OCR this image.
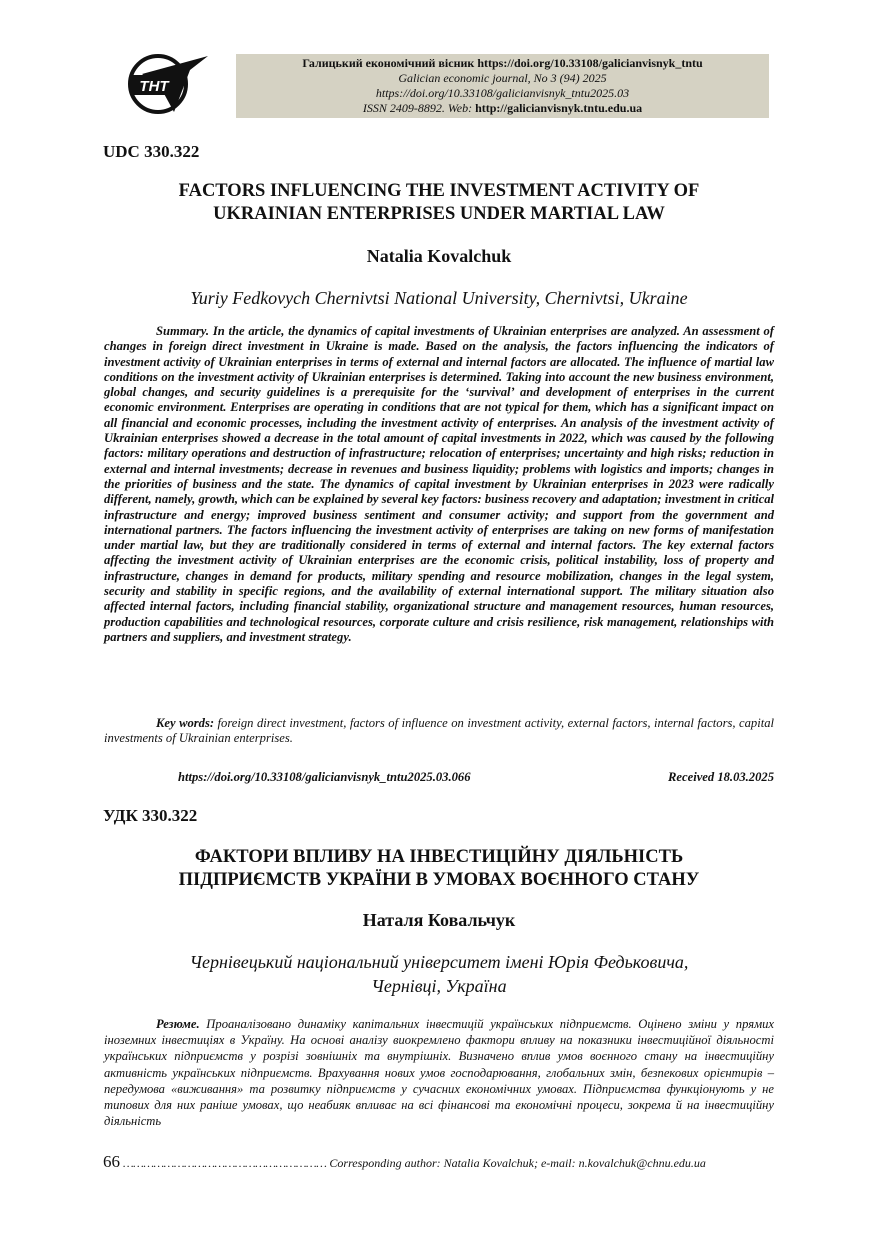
ТНТ
Галицький економічний вісник https://doi.org/10.33108/galicianvisnyk_tntu
Galician economic journal, No 3 (94) 2025
https://doi.org/10.33108/galicianvisnyk_tntu2025.03
ISSN 2409-8892. Web: http://galicianvisnyk.tntu.edu.ua
UDC 330.322
FACTORS INFLUENCING THE INVESTMENT ACTIVITY OF
UKRAINIAN ENTERPRISES UNDER MARTIAL LAW
Natalia Kovalchuk
Yuriy Fedkovych Chernivtsi National University, Chernivtsi, Ukraine
Summary. In the article, the dynamics of capital investments of Ukrainian enterprises are analyzed. An assessment of changes in foreign direct investment in Ukraine is made. Based on the analysis, the factors influencing the indicators of investment activity of Ukrainian enterprises in terms of external and internal factors are allocated. The influence of martial law conditions on the investment activity of Ukrainian enterprises is determined. Taking into account the new business environment, global changes, and security guidelines is a prerequisite for the ‘survival’ and development of enterprises in the current economic environment. Enterprises are operating in conditions that are not typical for them, which has a significant impact on all financial and economic processes, including the investment activity of enterprises. An analysis of the investment activity of Ukrainian enterprises showed a decrease in the total amount of capital investments in 2022, which was caused by the following factors: military operations and destruction of infrastructure; relocation of enterprises; uncertainty and high risks; reduction in external and internal investments; decrease in revenues and business liquidity; problems with logistics and imports; changes in the priorities of business and the state. The dynamics of capital investment by Ukrainian enterprises in 2023 were radically different, namely, growth, which can be explained by several key factors: business recovery and adaptation; investment in critical infrastructure and energy; improved business sentiment and consumer activity; and support from the government and international partners. The factors influencing the investment activity of enterprises are taking on new forms of manifestation under martial law, but they are traditionally considered in terms of external and internal factors. The key external factors affecting the investment activity of Ukrainian enterprises are the economic crisis, political instability, loss of property and infrastructure, changes in demand for products, military spending and resource mobilization, changes in the legal system, security and stability in specific regions, and the availability of external international support. The military situation also affected internal factors, including financial stability, organizational structure and management resources, human resources, production capabilities and technological resources, corporate culture and crisis resilience, risk management, relationships with partners and suppliers, and investment strategy.
Key words: foreign direct investment, factors of influence on investment activity, external factors, internal factors, capital investments of Ukrainian enterprises.
https://doi.org/10.33108/galicianvisnyk_tntu2025.03.066	Received 18.03.2025
УДК 330.322
ФАКТОРИ ВПЛИВУ НА ІНВЕСТИЦІЙНУ ДІЯЛЬНІСТЬ
ПІДПРИЄМСТВ УКРАЇНИ В УМОВАХ ВОЄННОГО СТАНУ
Наталя Ковальчук
Чернівецький національний університет імені Юрія Федьковича,
Чернівці, Україна

Резюме. Проаналізовано динаміку капітальних інвестицій українських підприємств. Оцінено зміни у прямих іноземних інвестиціях в Україну. На основі аналізу виокремлено фактори впливу на показники інвестиційної діяльності українських підприємств у розрізі зовнішніх та внутрішніх. Визначено вплив умов воєнного стану на інвестиційну активність українських підприємств. Врахування нових умов господарювання, глобальних змін, безпекових орієнтирів – передумова «виживання» та розвитку підприємств у сучасних економічних умовах. Підприємства функціонують у не типових для них раніше умовах, що неабияк впливає на всі фінансові та економічні процеси, зокрема й на інвестиційну діяльність

66 …………………………………………………… Corresponding author: Natalia Kovalchuk; e-mail: n.kovalchuk@chnu.edu.ua
